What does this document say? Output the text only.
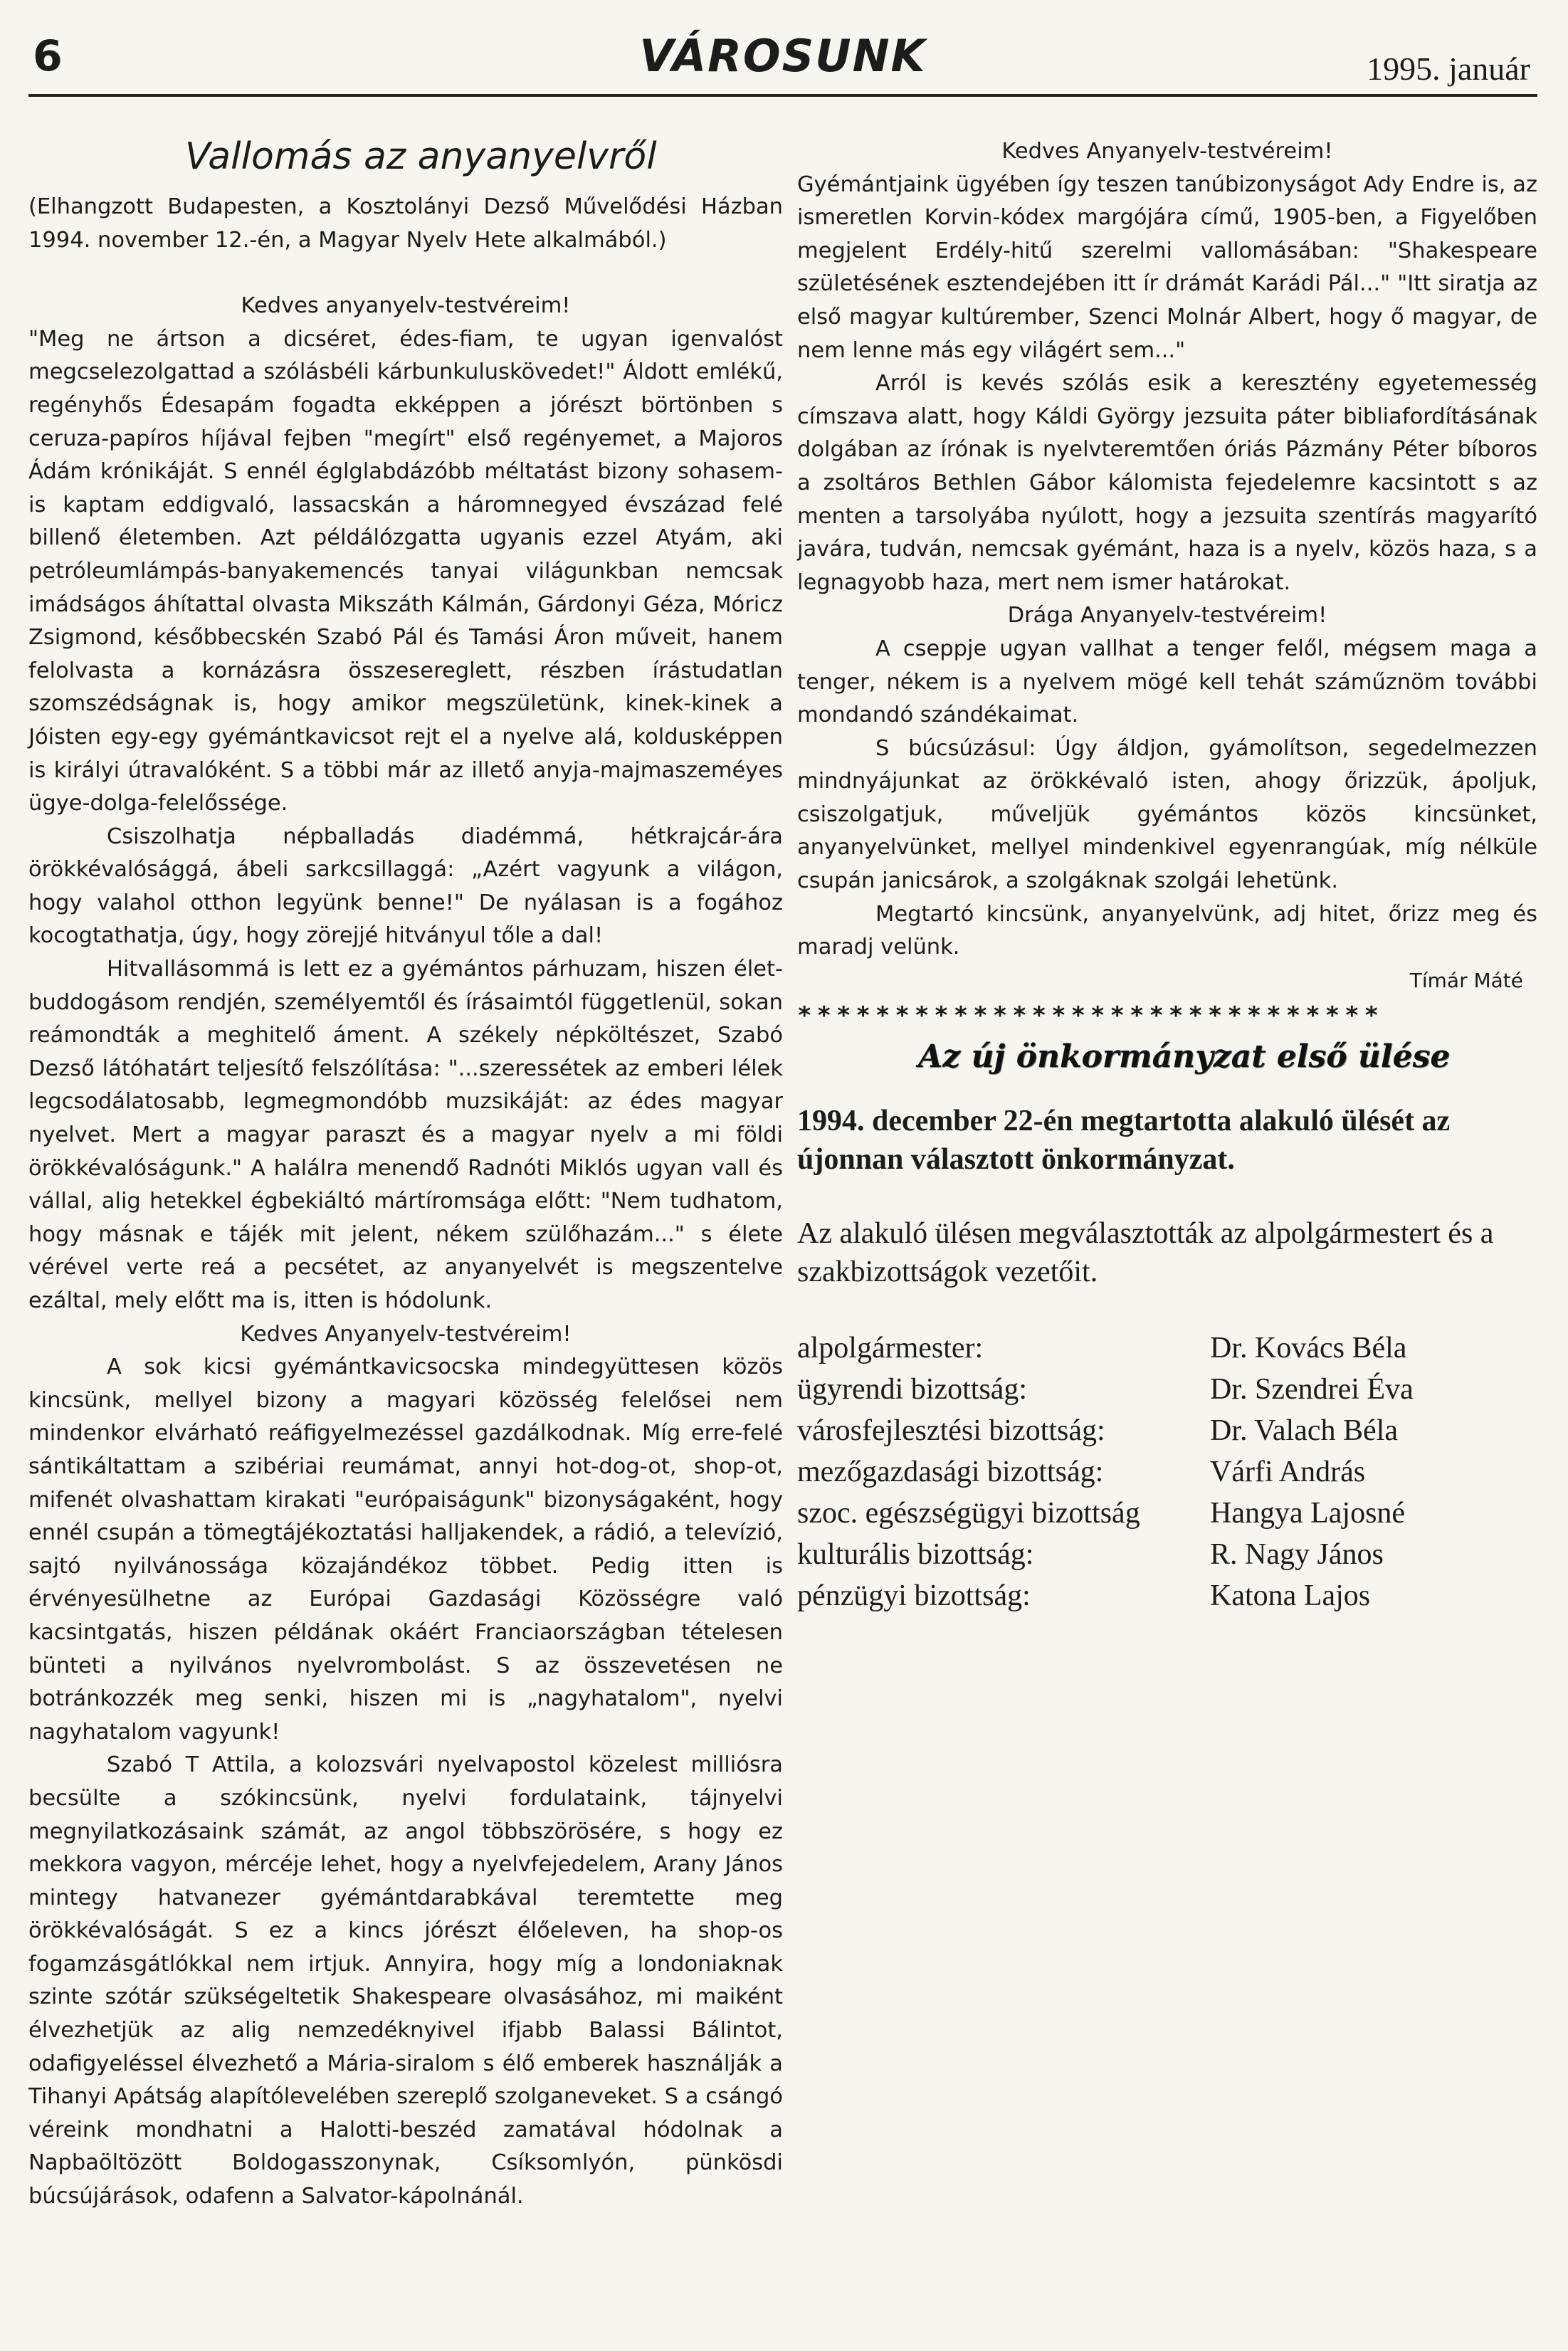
6	VÁROSUNK	1995. január
Vallomás az anyanyelvről

(Elhangzott Budapesten, a Kosztolányi Dezső Művelődési Házban 1994. november 12.-én, a Magyar Nyelv Hete alkalmából.)

Kedves anyanyelv-testvéreim!

"Meg ne ártson a dicséret, édes-fiam, te ugyan igenvalóst megcselezolgattad a szólásbéli kárbunkuluskövedet!" Áldott emlékű, regényhős Édesapám fogadta ekképpen a jórészt börtönben s ceruza-papíros híjával fejben "megírt" első regényemet, a Majoros Ádám krónikáját. S ennél églglabdázóbb méltatást bizony sohasem-is kaptam eddigvaló, lassacskán a háromnegyed évszázad felé billenő életemben. Azt példálózgatta ugyanis ezzel Atyám, aki petróleumlámpás-banyakemencés tanyai világunkban nemcsak imádságos áhítattal olvasta Mikszáth Kálmán, Gárdonyi Géza, Móricz Zsigmond, későbbecskén Szabó Pál és Tamási Áron műveit, hanem felolvasta a kornázásra összesereglett, részben írástudatlan szomszédságnak is, hogy amikor megszületünk, kinek-kinek a Jóisten egy-egy gyémántkavicsot rejt el a nyelve alá, koldusképpen is királyi útravalóként. S a többi már az illető anyja-majmaszeméyes ügye-dolga-felelőssége.

Csiszolhatja népballadás diadémmá, hétkrajcár-ára örökkévalósággá, ábeli sarkcsillaggá: „Azért vagyunk a világon, hogy valahol otthon legyünk benne!" De nyálasan is a fogához kocogtathatja, úgy, hogy zörejjé hitványul tőle a dal!

Hitvallásommá is lett ez a gyémántos párhuzam, hiszen élet-buddogásom rendjén, személyemtől és írásaimtól függetlenül, sokan reámondták a meghitelő áment. A székely népköltészet, Szabó Dezső látóhatárt teljesítő felszólítása: "...szeressétek az emberi lélek legcsodálatosabb, legmegmondóbb muzsikáját: az édes magyar nyelvet. Mert a magyar paraszt és a magyar nyelv a mi földi örökkévalóságunk." A halálra menendő Radnóti Miklós ugyan vall és vállal, alig hetekkel égbekiáltó mártíromsága előtt: "Nem tudhatom, hogy másnak e tájék mit jelent, nékem szülőhazám..." s élete vérével verte reá a pecsétet, az anyanyelvét is megszentelve ezáltal, mely előtt ma is, itten is hódolunk.

Kedves Anyanyelv-testvéreim!

A sok kicsi gyémántkavicsocska mindegyüttesen közös kincsünk, mellyel bizony a magyari közösség felelősei nem mindenkor elvárható reáfigyelmezéssel gazdálkodnak. Míg erre-felé sántikáltattam a szibériai reumámat, annyi hot-dog-ot, shop-ot, mifenét olvashattam kirakati "európaiságunk" bizonyságaként, hogy ennél csupán a tömegtájékoztatási halljakendek, a rádió, a televízió, sajtó nyilvánossága közajándékoz többet. Pedig itten is érvényesülhetne az Európai Gazdasági Közösségre való kacsintgatás, hiszen példának okáért Franciaországban tételesen bünteti a nyilvános nyelvrombolást. S az összevetésen ne botránkozzék meg senki, hiszen mi is „nagyhatalom", nyelvi nagyhatalom vagyunk!

Szabó T Attila, a kolozsvári nyelvapostol közelest milliósra becsülte a szókincsünk, nyelvi fordulataink, tájnyelvi megnyilatkozásaink számát, az angol többszörösére, s hogy ez mekkora vagyon, mércéje lehet, hogy a nyelvfejedelem, Arany János mintegy hatvanezer gyémántdarabkával teremtette meg örökkévalóságát. S ez a kincs jórészt élőeleven, ha shop-os fogamzásgátlókkal nem irtjuk. Annyira, hogy míg a londoniaknak szinte szótár szükségeltetik Shakespeare olvasásához, mi maiként élvezhetjük az alig nemzedéknyivel ifjabb Balassi Bálintot, odafigyeléssel élvezhető a Mária-siralom s élő emberek használják a Tihanyi Apátság alapítólevelében szereplő szolganeveket. S a csángó véreink mondhatni a Halotti-beszéd zamatával hódolnak a Napbaöltözött Boldogasszonynak, Csíksomlyón, pünkösdi búcsújárások, odafenn a Salvator-kápolnánál.

Kedves Anyanyelv-testvéreim!

Gyémántjaink ügyében így teszen tanúbizonyságot Ady Endre is, az ismeretlen Korvin-kódex margójára című, 1905-ben, a Figyelőben megjelent Erdély-hitű szerelmi vallomásában: "Shakespeare születésének esztendejében itt ír drámát Karádi Pál..." "Itt siratja az első magyar kultúrember, Szenci Molnár Albert, hogy ő magyar, de nem lenne más egy világért sem..."

Arról is kevés szólás esik a keresztény egyetemesség címszava alatt, hogy Káldi György jezsuita páter bibliafordításának dolgában az írónak is nyelvteremtően óriás Pázmány Péter bíboros a zsoltáros Bethlen Gábor kálomista fejedelemre kacsintott s az menten a tarsolyába nyúlott, hogy a jezsuita szentírás magyarító javára, tudván, nemcsak gyémánt, haza is a nyelv, közös haza, s a legnagyobb haza, mert nem ismer határokat.

Drága Anyanyelv-testvéreim!

A cseppje ugyan vallhat a tenger felől, mégsem maga a tenger, nékem is a nyelvem mögé kell tehát száműznöm további mondandó szándékaimat.

S búcsúzásul: Úgy áldjon, gyámolítson, segedelmezzen mindnyájunkat az örökkévaló isten, ahogy őrizzük, ápoljuk, csiszolgatjuk, műveljük gyémántos közös kincsünket, anyanyelvünket, mellyel mindenkivel egyenrangúak, míg nélküle csupán janicsárok, a szolgáknak szolgái lehetünk.

Megtartó kincsünk, anyanyelvünk, adj hitet, őrizz meg és maradj velünk.

Tímár Máté
******************************
Az új önkormányzat első ülése
1994. december 22-én megtartotta alakuló ülését az újonnan választott önkormányzat.
Az alakuló ülésen megválasztották az alpolgármestert és a szakbizottságok vezetőit.
alpolgármester:	Dr. Kovács Béla
ügyrendi bizottság:	Dr. Szendrei Éva
városfejlesztési bizottság:	Dr. Valach Béla
mezőgazdasági bizottság:	Várfi András
szoc. egészségügyi bizottság	Hangya Lajosné
kulturális bizottság:	R. Nagy János
pénzügyi bizottság:	Katona Lajos
